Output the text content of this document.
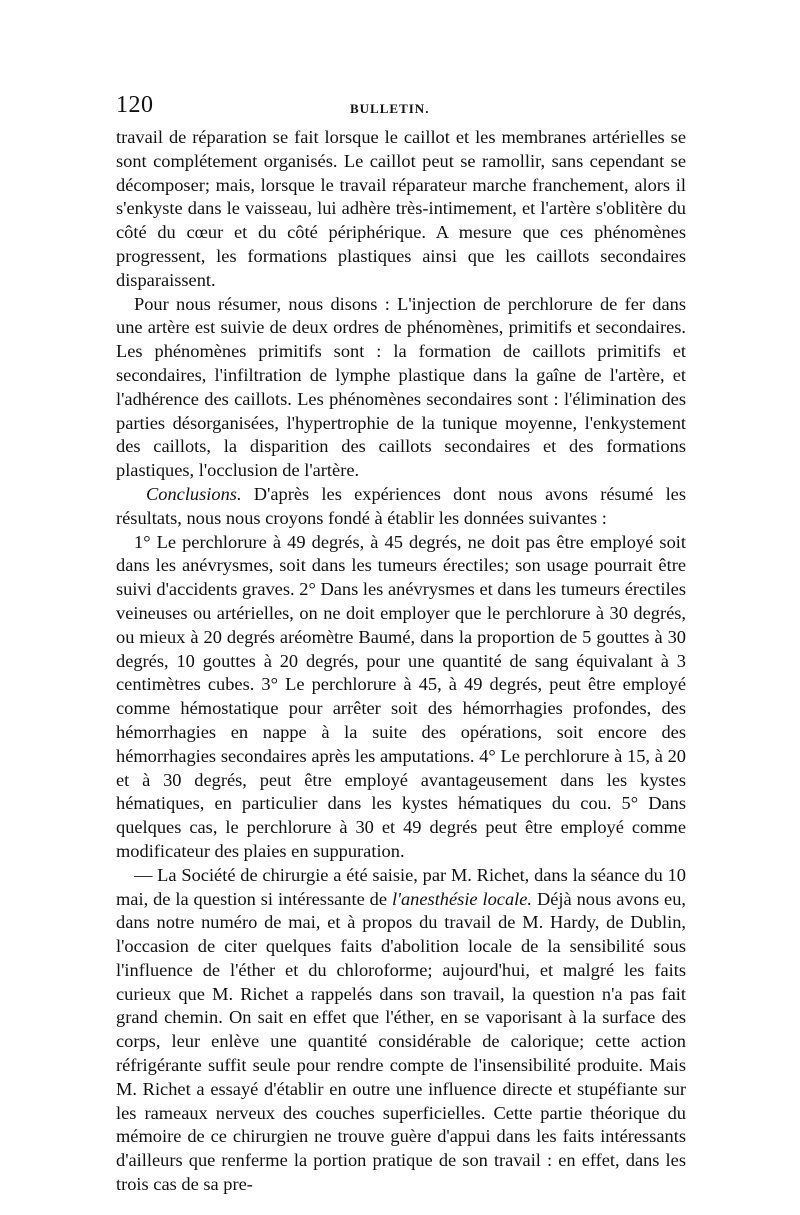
120	BULLETIN.

travail de réparation se fait lorsque le caillot et les membranes artérielles se sont complétement organisés. Le caillot peut se ramollir, sans cependant se décomposer; mais, lorsque le travail réparateur marche franchement, alors il s'enkyste dans le vaisseau, lui adhère très-intimement, et l'artère s'oblitère du côté du cœur et du côté périphérique. A mesure que ces phénomènes progressent, les formations plastiques ainsi que les caillots secondaires disparaissent.

Pour nous résumer, nous disons : L'injection de perchlorure de fer dans une artère est suivie de deux ordres de phénomènes, primitifs et secondaires. Les phénomènes primitifs sont : la formation de caillots primitifs et secondaires, l'infiltration de lymphe plastique dans la gaîne de l'artère, et l'adhérence des caillots. Les phénomènes secondaires sont : l'élimination des parties désorganisées, l'hypertrophie de la tunique moyenne, l'enkystement des caillots, la disparition des caillots secondaires et des formations plastiques, l'occlusion de l'artère.

Conclusions. D'après les expériences dont nous avons résumé les résultats, nous nous croyons fondé à établir les données suivantes :

1° Le perchlorure à 49 degrés, à 45 degrés, ne doit pas être employé soit dans les anévrysmes, soit dans les tumeurs érectiles; son usage pourrait être suivi d'accidents graves. 2° Dans les anévrysmes et dans les tumeurs érectiles veineuses ou artérielles, on ne doit employer que le perchlorure à 30 degrés, ou mieux à 20 degrés aréomètre Baumé, dans la proportion de 5 gouttes à 30 degrés, 10 gouttes à 20 degrés, pour une quantité de sang équivalant à 3 centimètres cubes. 3° Le perchlorure à 45, à 49 degrés, peut être employé comme hémostatique pour arrêter soit des hémorrhagies profondes, des hémorrhagies en nappe à la suite des opérations, soit encore des hémorrhagies secondaires après les amputations. 4° Le perchlorure à 15, à 20 et à 30 degrés, peut être employé avantageusement dans les kystes hématiques, en particulier dans les kystes hématiques du cou. 5° Dans quelques cas, le perchlorure à 30 et 49 degrés peut être employé comme modificateur des plaies en suppuration.

— La Société de chirurgie a été saisie, par M. Richet, dans la séance du 10 mai, de la question si intéressante de l'anesthésie locale. Déjà nous avons eu, dans notre numéro de mai, et à propos du travail de M. Hardy, de Dublin, l'occasion de citer quelques faits d'abolition locale de la sensibilité sous l'influence de l'éther et du chloroforme; aujourd'hui, et malgré les faits curieux que M. Richet a rappelés dans son travail, la question n'a pas fait grand chemin. On sait en effet que l'éther, en se vaporisant à la surface des corps, leur enlève une quantité considérable de calorique; cette action réfrigérante suffit seule pour rendre compte de l'insensibilité produite. Mais M. Richet a essayé d'établir en outre une influence directe et stupéfiante sur les rameaux nerveux des couches superficielles. Cette partie théorique du mémoire de ce chirurgien ne trouve guère d'appui dans les faits intéressants d'ailleurs que renferme la portion pratique de son travail : en effet, dans les trois cas de sa pre-
